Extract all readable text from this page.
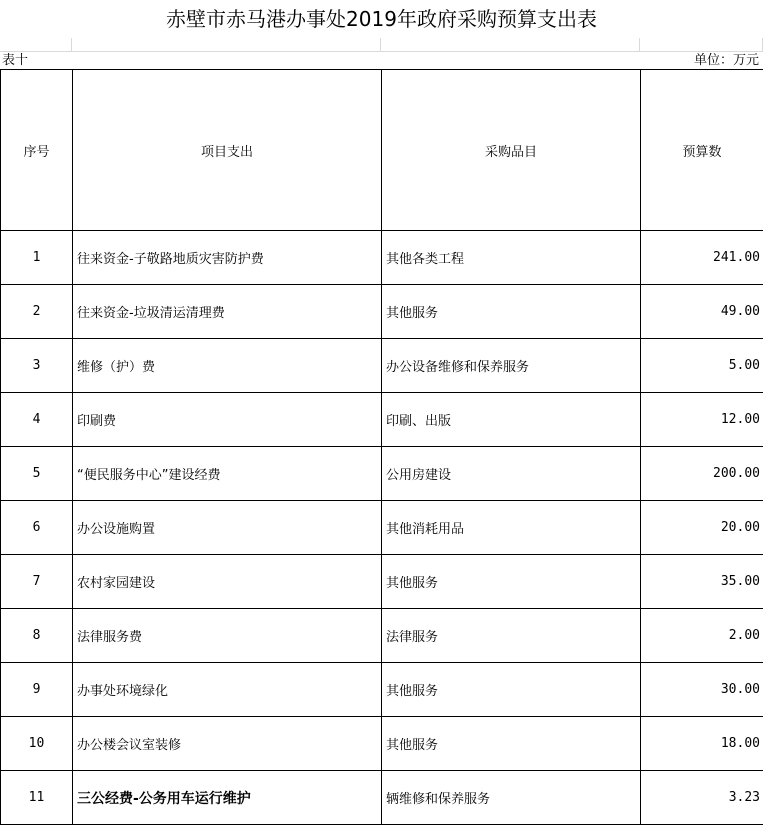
赤壁市赤马港办事处2019年政府采购预算支出表
表十	单位：万元
序号	项目支出	采购品目	预算数
1	往来资金-子敬路地质灾害防护费	其他各类工程	241.00
2	往来资金-垃圾清运清理费	其他服务	49.00
3	维修（护）费	办公设备维修和保养服务	5.00
4	印刷费	印刷、出版	12.00
5	“便民服务中心”建设经费	公用房建设	200.00
6	办公设施购置	其他消耗用品	20.00
7	农村家园建设	其他服务	35.00
8	法律服务费	法律服务	2.00
9	办事处环境绿化	其他服务	30.00
10	办公楼会议室装修	其他服务	18.00
11	三公经费-公务用车运行维护	辆维修和保养服务	3.23
